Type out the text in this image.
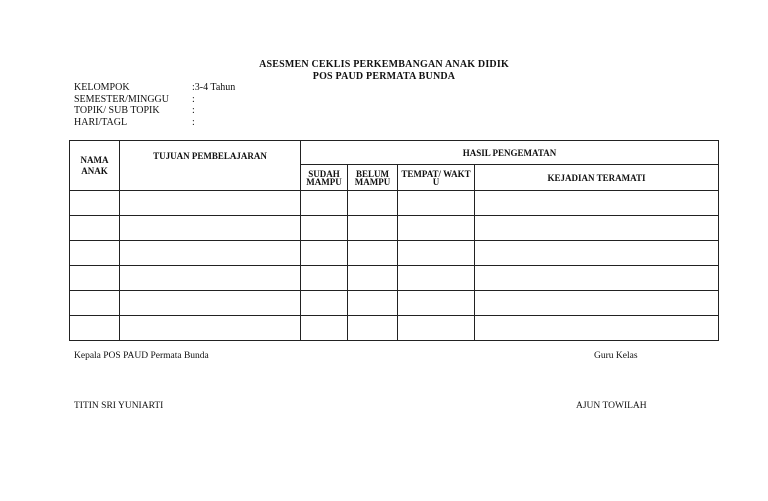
ASESMEN CEKLIS PERKEMBANGAN ANAK DIDIK
POS PAUD PERMATA BUNDA
KELOMPOK	:3-4 Tahun
SEMESTER/MINGGU	:
TOPIK/ SUB TOPIK	:
HARI/TAGL	:
NAMA ANAK	TUJUAN PEMBELAJARAN	HASIL PENGEMATAN			
		SUDAH MAMPU	BELUM MAMPU	TEMPAT/ WAKT U	KEJADIAN TERAMATI

Kepala POS PAUD Permata Bunda	Guru Kelas
TITIN SRI YUNIARTI	AJUN TOWILAH
